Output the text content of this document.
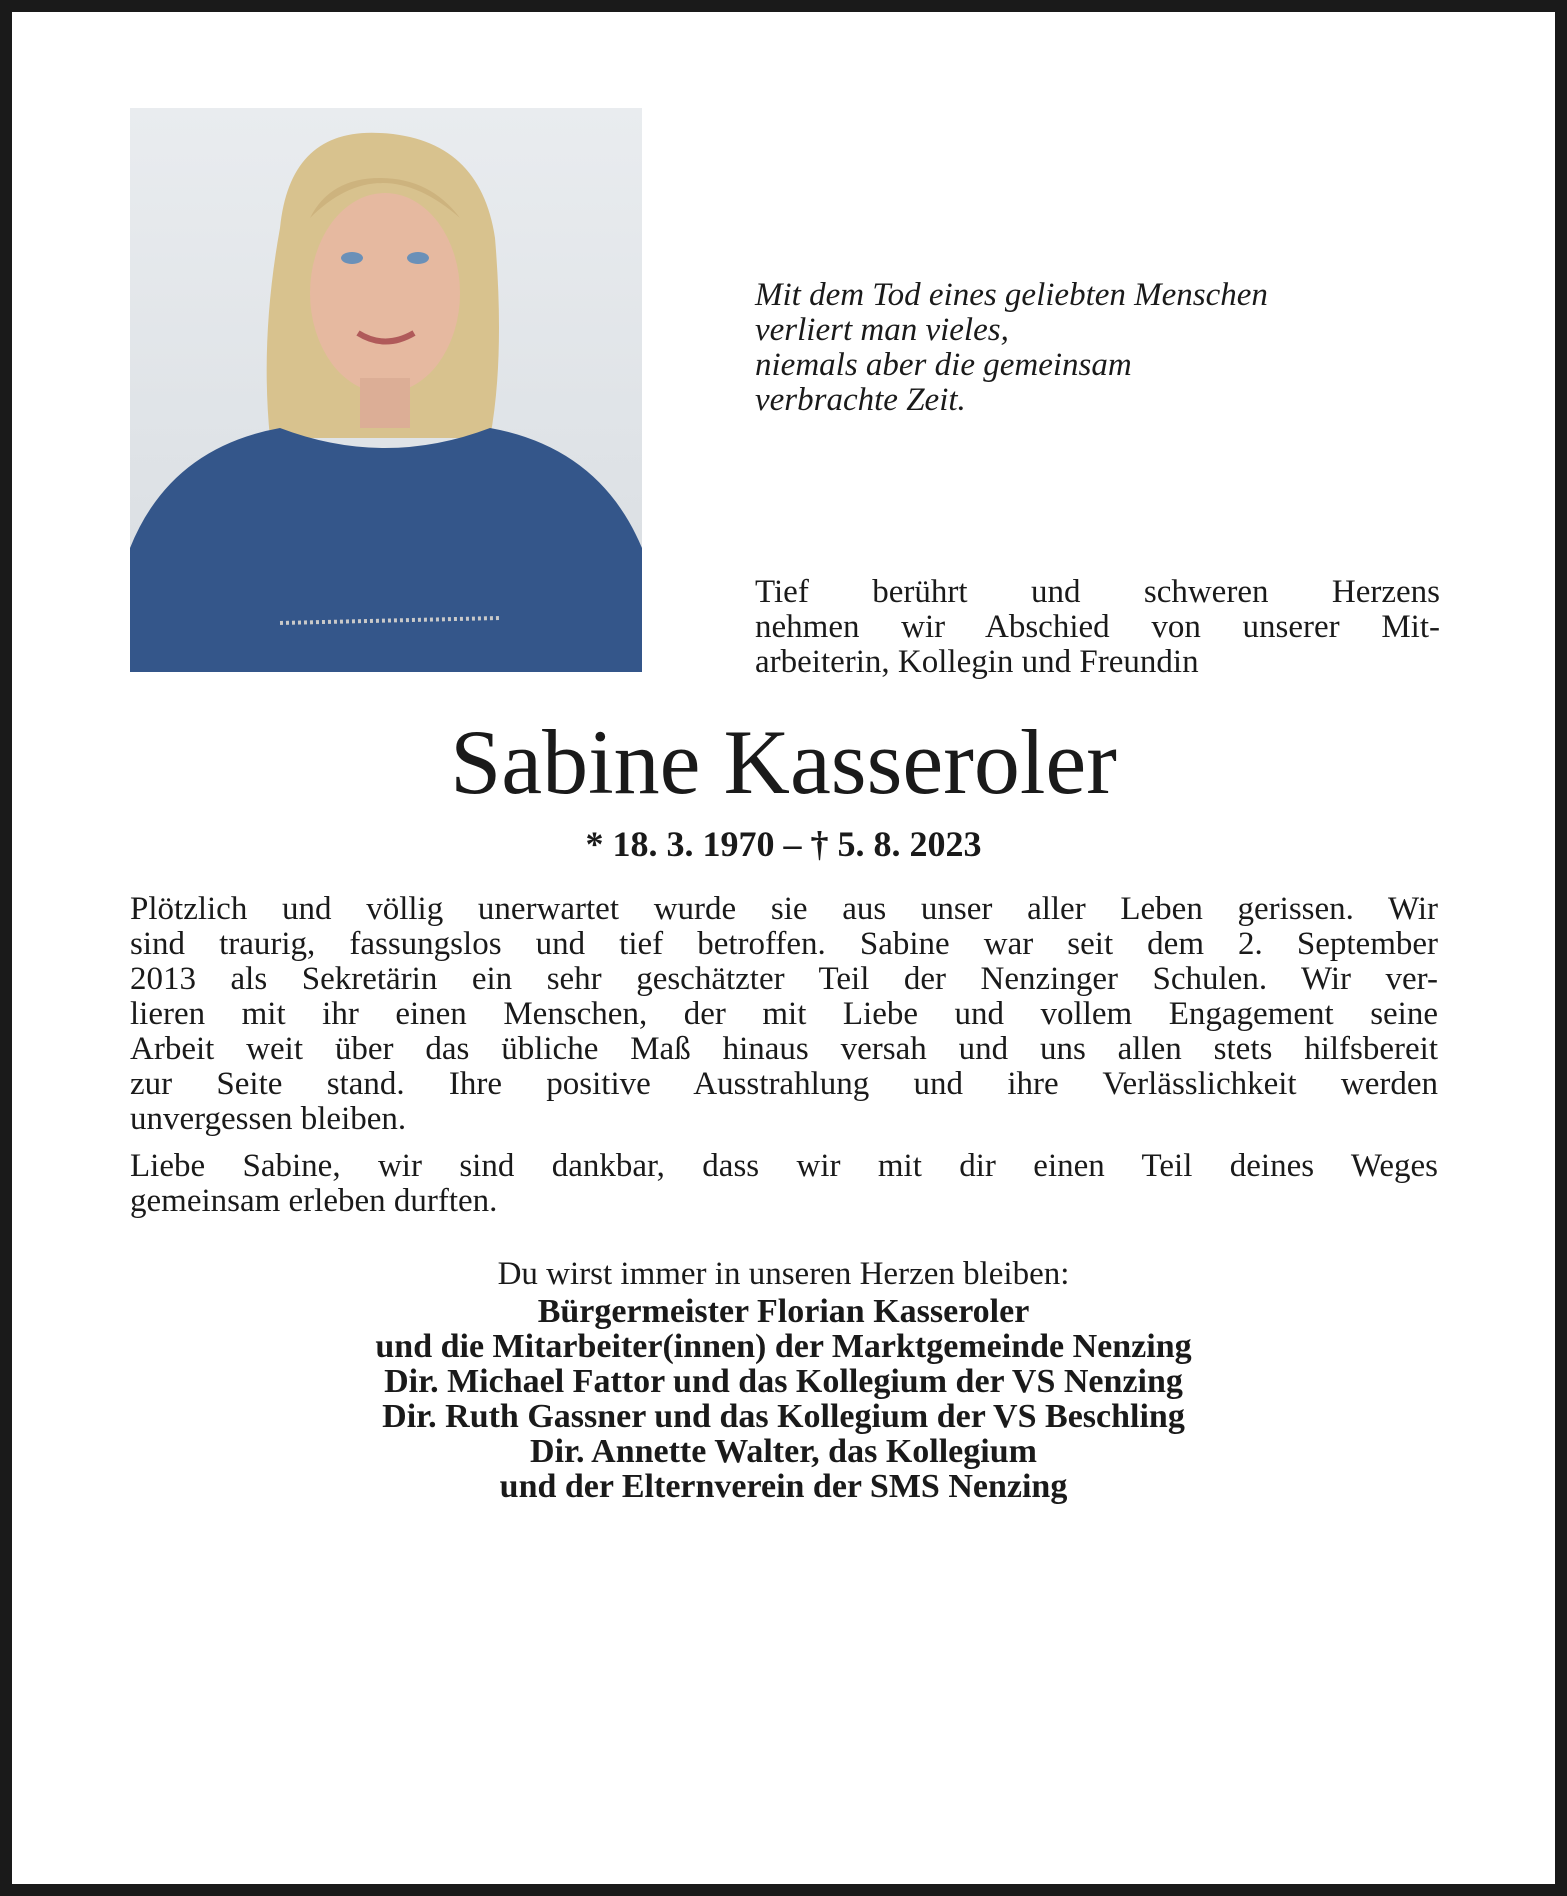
Mit dem Tod eines geliebten Menschen
verliert man vieles,
niemals aber die gemeinsam
verbrachte Zeit.
Tief berührt und schweren Herzens
nehmen wir Abschied von unserer Mit-
arbeiterin, Kollegin und Freundin
Sabine Kasseroler
* 18. 3. 1970 – † 5. 8. 2023
Plötzlich und völlig unerwartet wurde sie aus unser aller Leben gerissen. Wir
sind traurig, fassungslos und tief betroffen. Sabine war seit dem 2. September
2013 als Sekretärin ein sehr geschätzter Teil der Nenzinger Schulen. Wir ver-
lieren mit ihr einen Menschen, der mit Liebe und vollem Engagement seine
Arbeit weit über das übliche Maß hinaus versah und uns allen stets hilfsbereit
zur Seite stand. Ihre positive Ausstrahlung und ihre Verlässlichkeit werden
unvergessen bleiben.
Liebe Sabine, wir sind dankbar, dass wir mit dir einen Teil deines Weges
gemeinsam erleben durften.
Du wirst immer in unseren Herzen bleiben:
Bürgermeister Florian Kasseroler
und die Mitarbeiter(innen) der Marktgemeinde Nenzing
Dir. Michael Fattor und das Kollegium der VS Nenzing
Dir. Ruth Gassner und das Kollegium der VS Beschling
Dir. Annette Walter, das Kollegium
und der Elternverein der SMS Nenzing
